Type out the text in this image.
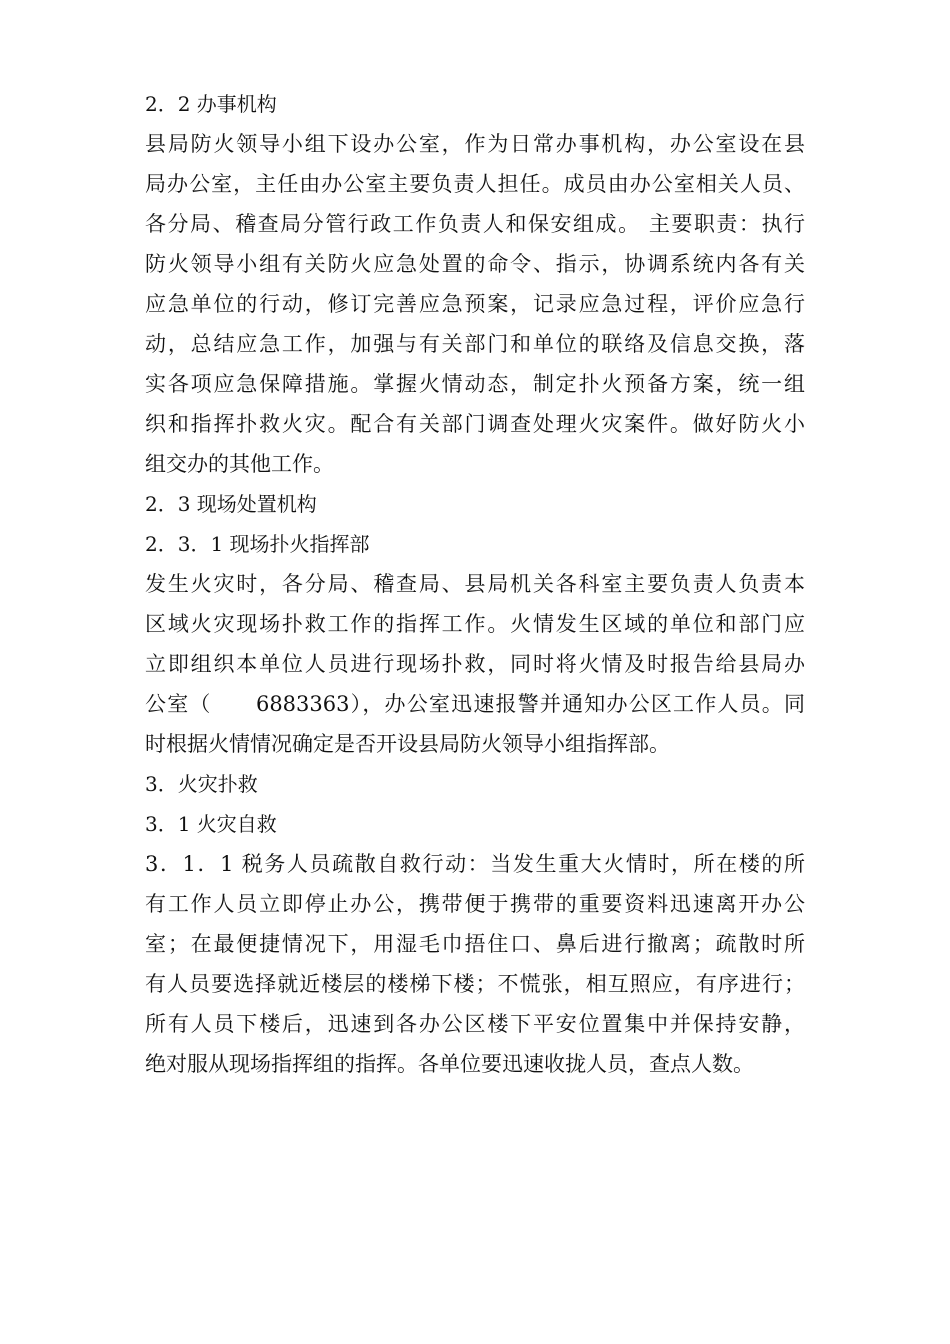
2．2 办事机构
县局防火领导小组下设办公室，作为日常办事机构，办公室设在县
局办公室，主任由办公室主要负责人担任。成员由办公室相关人员、
各分局、稽查局分管行政工作负责人和保安组成。 主要职责：执行
防火领导小组有关防火应急处置的命令、指示，协调系统内各有关
应急单位的行动，修订完善应急预案，记录应急过程，评价应急行
动，总结应急工作，加强与有关部门和单位的联络及信息交换，落
实各项应急保障措施。掌握火情动态，制定扑火预备方案，统一组
织和指挥扑救火灾。配合有关部门调查处理火灾案件。做好防火小
组交办的其他工作。
2．3 现场处置机构
2．3．1 现场扑火指挥部
发生火灾时，各分局、稽查局、县局机关各科室主要负责人负责本
区域火灾现场扑救工作的指挥工作。火情发生区域的单位和部门应
立即组织本单位人员进行现场扑救，同时将火情及时报告给县局办
公室（　　6883363），办公室迅速报警并通知办公区工作人员。同
时根据火情情况确定是否开设县局防火领导小组指挥部。
3．火灾扑救
3．1 火灾自救
3．1．1 税务人员疏散自救行动：当发生重大火情时，所在楼的所
有工作人员立即停止办公，携带便于携带的重要资料迅速离开办公
室；在最便捷情况下，用湿毛巾捂住口、鼻后进行撤离；疏散时所
有人员要选择就近楼层的楼梯下楼；不慌张，相互照应，有序进行；
所有人员下楼后，迅速到各办公区楼下平安位置集中并保持安静，
绝对服从现场指挥组的指挥。各单位要迅速收拢人员，查点人数。
